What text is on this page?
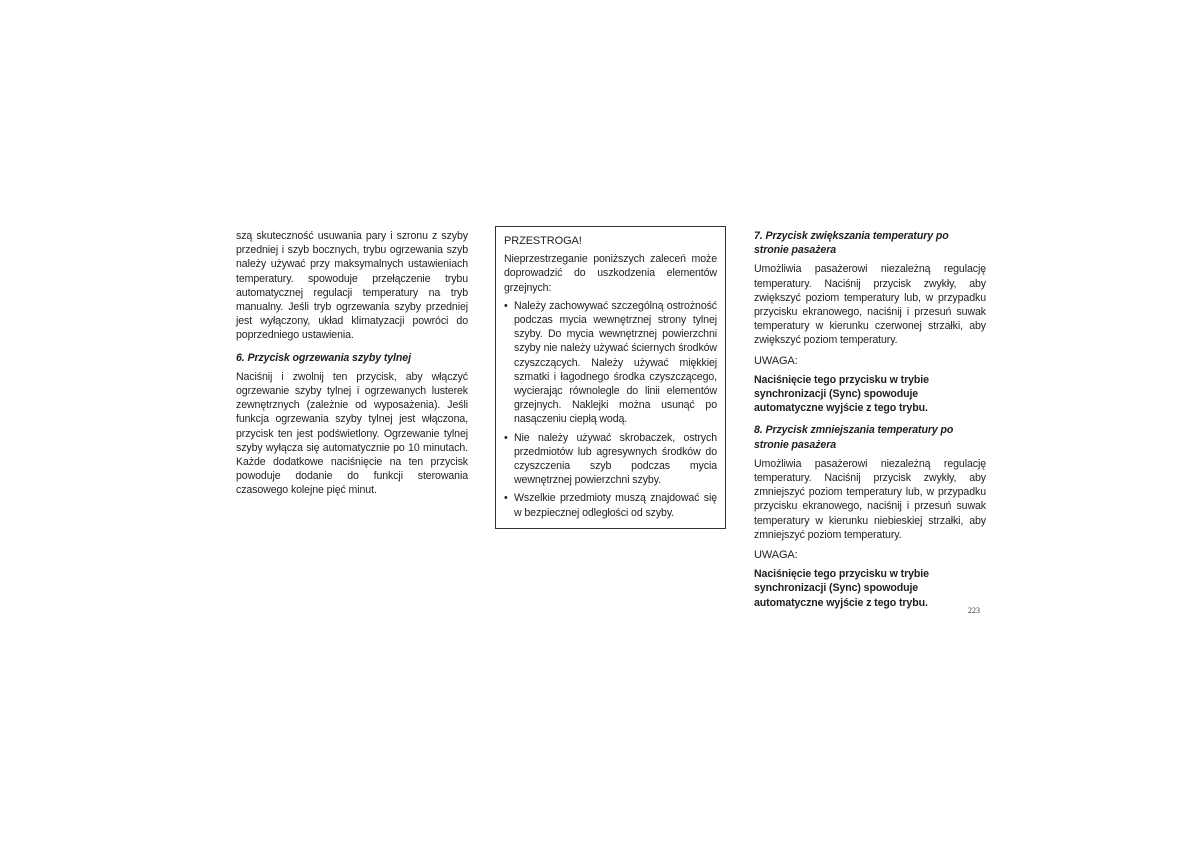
szą skuteczność usuwania pary i szronu z szyby przedniej i szyb bocznych, trybu ogrzewania szyb należy używać przy maksymalnych ustawieniach temperatury. spowoduje przełączenie trybu automatycznej regulacji temperatury na tryb manualny. Jeśli tryb ogrzewania szyby przedniej jest wyłączony, układ klimatyzacji powróci do poprzedniego ustawienia.

6. Przycisk ogrzewania szyby tylnej

Naciśnij i zwolnij ten przycisk, aby włączyć ogrzewanie szyby tylnej i ogrzewanych lusterek zewnętrznych (zależnie od wyposażenia). Jeśli funkcja ogrzewania szyby tylnej jest włączona, przycisk ten jest podświetlony. Ogrzewanie tylnej szyby wyłącza się automatycznie po 10 minutach. Każde dodatkowe naciśnięcie na ten przycisk powoduje dodanie do funkcji sterowania czasowego kolejne pięć minut.

PRZESTROGA!

Nieprzestrzeganie poniższych zaleceń może doprowadzić do uszkodzenia elementów grzejnych:

• Należy zachowywać szczególną ostrożność podczas mycia wewnętrznej strony tylnej szyby. Do mycia wewnętrznej powierzchni szyby nie należy używać ściernych środków czyszczących. Należy używać miękkiej szmatki i łagodnego środka czyszczącego, wycierając równolegle do linii elementów grzejnych. Naklejki można usunąć po nasączeniu ciepłą wodą.
• Nie należy używać skrobaczek, ostrych przedmiotów lub agresywnych środków do czyszczenia szyb podczas mycia wewnętrznej powierzchni szyby.
• Wszelkie przedmioty muszą znajdować się w bezpiecznej odległości od szyby.

7. Przycisk zwiększania temperatury po stronie pasażera

Umożliwia pasażerowi niezależną regulację temperatury. Naciśnij przycisk zwykły, aby zwiększyć poziom temperatury lub, w przypadku przycisku ekranowego, naciśnij i przesuń suwak temperatury w kierunku czerwonej strzałki, aby zwiększyć poziom temperatury.

UWAGA:

Naciśnięcie tego przycisku w trybie synchronizacji (Sync) spowoduje automatyczne wyjście z tego trybu.

8. Przycisk zmniejszania temperatury po stronie pasażera

Umożliwia pasażerowi niezależną regulację temperatury. Naciśnij przycisk zwykły, aby zmniejszyć poziom temperatury lub, w przypadku przycisku ekranowego, naciśnij i przesuń suwak temperatury w kierunku niebieskiej strzałki, aby zmniejszyć poziom temperatury.

UWAGA:

Naciśnięcie tego przycisku w trybie synchronizacji (Sync) spowoduje automatyczne wyjście z tego trybu.

223
